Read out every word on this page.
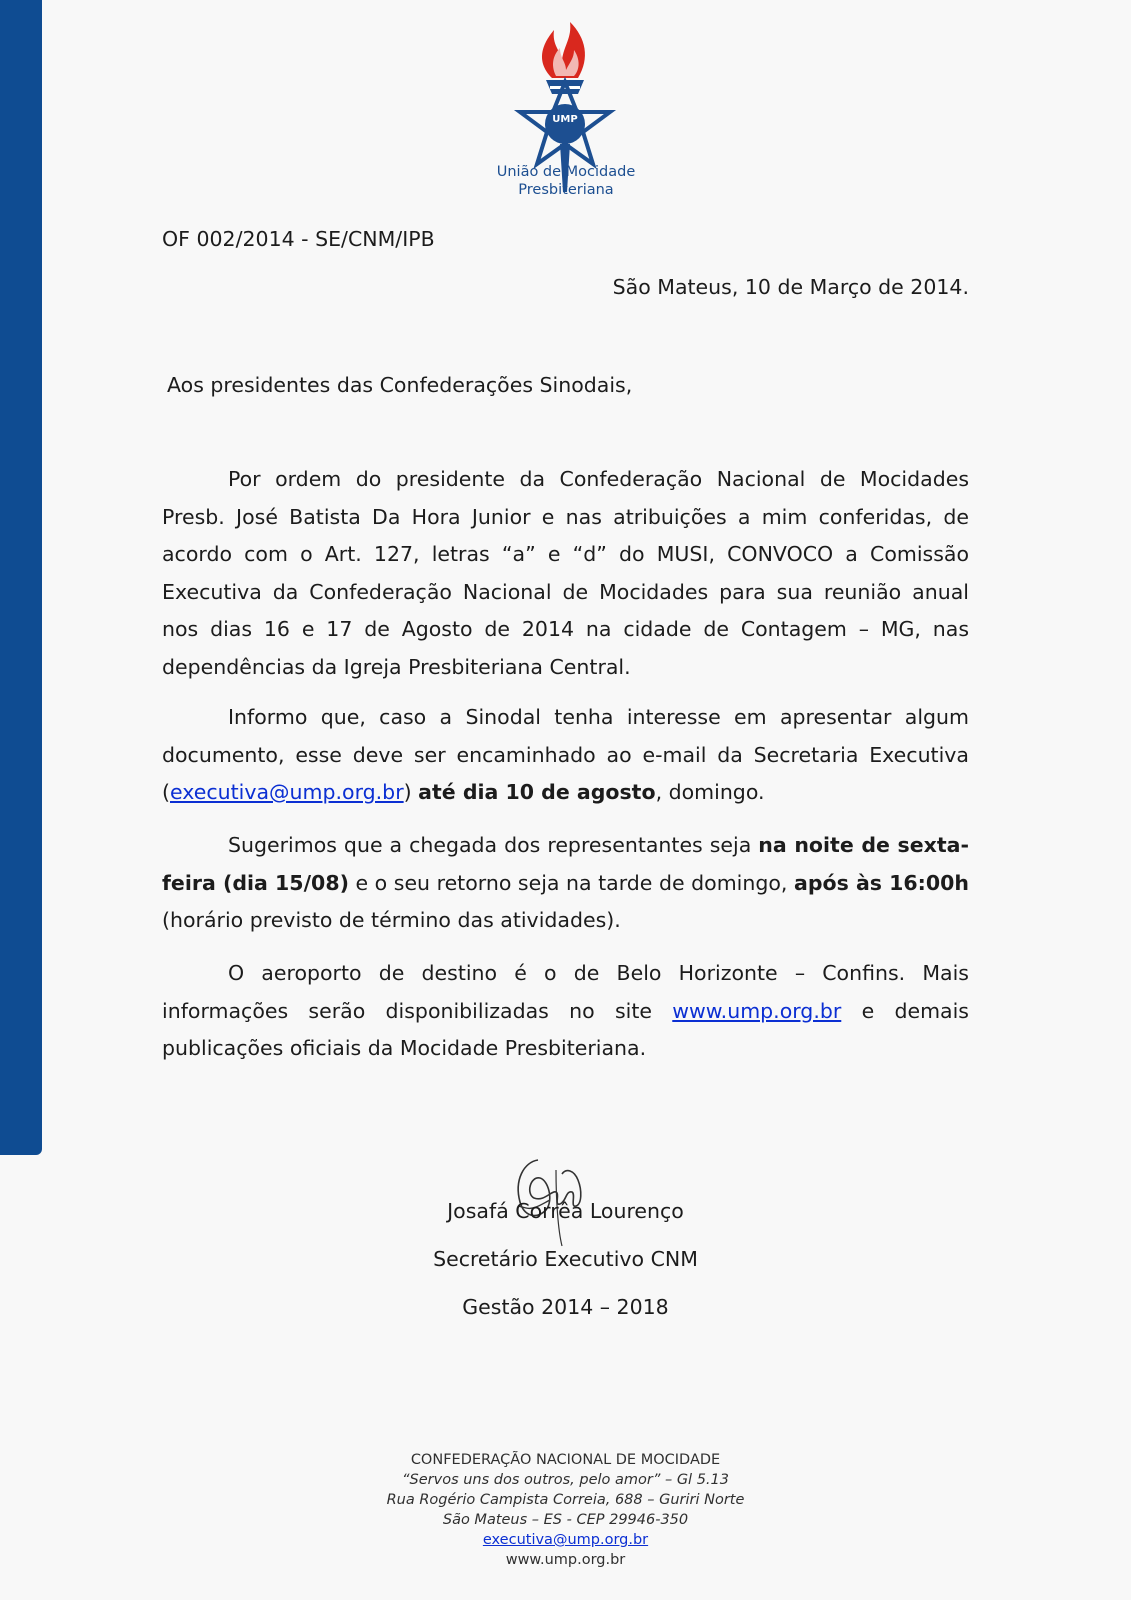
UMP
União de Mocidade
Presbiteriana
OF 002/2014 - SE/CNM/IPB
São Mateus, 10 de Março de 2014.
Aos presidentes das Confederações Sinodais,

Por ordem do presidente da Confederação Nacional de Mocidades Presb. José Batista Da Hora Junior e nas atribuições a mim conferidas, de acordo com o Art. 127, letras “a” e “d” do MUSI, CONVOCO a Comissão Executiva da Confederação Nacional de Mocidades para sua reunião anual nos dias 16 e 17 de Agosto de 2014 na cidade de Contagem – MG, nas dependências da Igreja Presbiteriana Central.

Informo que, caso a Sinodal tenha interesse em apresentar algum documento, esse deve ser encaminhado ao e-mail da Secretaria Executiva (executiva@ump.org.br) até dia 10 de agosto, domingo.

Sugerimos que a chegada dos representantes seja na noite de sexta-feira (dia 15/08) e o seu retorno seja na tarde de domingo, após às 16:00h (horário previsto de término das atividades).

O aeroporto de destino é o de Belo Horizonte – Confins. Mais informações serão disponibilizadas no site www.ump.org.br e demais publicações oficiais da Mocidade Presbiteriana.

Josafá Corrêa Lourenço
Secretário Executivo CNM
Gestão 2014 – 2018
CONFEDERAÇÃO NACIONAL DE MOCIDADE
“Servos uns dos outros, pelo amor” – Gl 5.13
Rua Rogério Campista Correia, 688 – Guriri Norte
São Mateus – ES - CEP 29946-350
executiva@ump.org.br
www.ump.org.br
